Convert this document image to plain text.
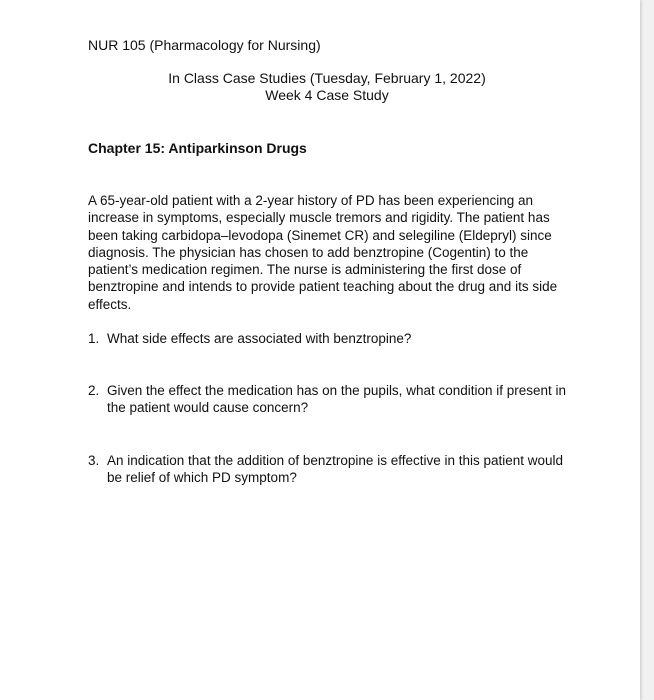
NUR 105 (Pharmacology for Nursing)
In Class Case Studies (Tuesday, February 1, 2022)
Week 4 Case Study
Chapter 15: Antiparkinson Drugs

A 65-year-old patient with a 2-year history of PD has been experiencing an increase in symptoms, especially muscle tremors and rigidity. The patient has been taking carbidopa–levodopa (Sinemet CR) and selegiline (Eldepryl) since diagnosis. The physician has chosen to add benztropine (Cogentin) to the patient’s medication regimen. The nurse is administering the first dose of benztropine and intends to provide patient teaching about the drug and its side effects.

1. What side effects are associated with benztropine?
2. Given the effect the medication has on the pupils, what condition if present in the patient would cause concern?
3. An indication that the addition of benztropine is effective in this patient would be relief of which PD symptom?
